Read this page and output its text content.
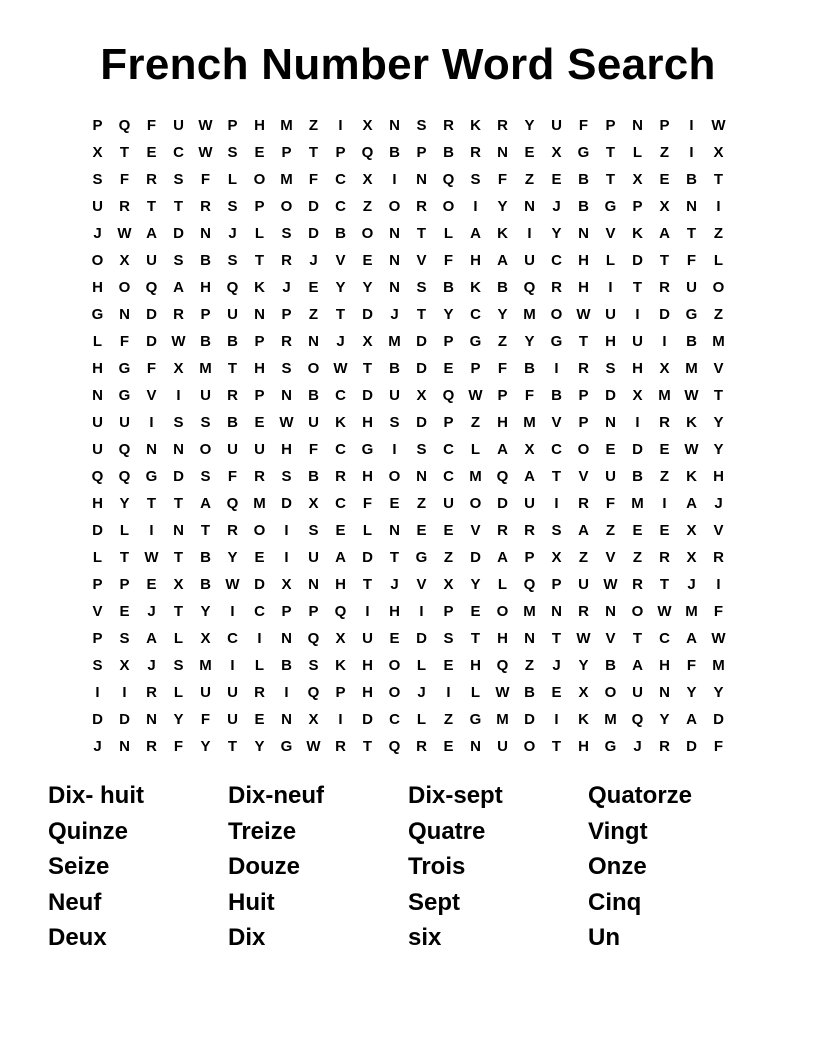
French Number Word Search
P	Q	F	U W P	H	M	Z	I	X	N	S	R	K	R	Y	U	F	P	N	P	I	W
X	T	E	C W S	E	P	T	P	Q	B	P	B	R	N	E	X	G	T	L	Z	I	X
S	F	R	S	F	L	O M	F	C	X	I	N	Q	S	F	Z	E	B	T	X	E	B	T
U	R	T	T	R	S	P	O	D	C	Z	O	R	O	I	Y	N	J	B	G	P	X	N	I
J	W A	D	N	J	L	S	D	B	O	N	T	L	A	K	I	Y	N	V	K	A	T	Z
O	X	U	S	B	S	T	R	J	V	E	N	V	F	H	A	U	C	H	L	D	T	F	L
H	O	Q	A	H	Q	K	J	E	Y	Y	N	S	B	K	B	Q	R	H	I	T	R	U	O
G	N	D	R	P	U	N	P	Z	T	D	J	T	Y	C	Y	M O W U	I	D	G	Z
L	F	D W B	B	P	R	N	J	X	M	D	P	G	Z	Y	G	T	H	U	I	B	M
H	G	F	X	M	T	H	S	O W	T	B	D	E	P	F	B	I	R	S	H	X	M	V
N	G	V	I	U	R	P	N	B	C	D	U	X	Q W P	F	B	P	D	X	M W	T
U	U	I	S	S	B	E W U	K	H	S	D	P	Z	H	M	V	P	N	I	R	K	Y
U	Q	N	N	O	U	U	H	F	C	G	I	S	C	L	A	X	C	O	E	D	E W Y
Q	Q	G	D	S	F	R	S	B	R	H	O	N	C	M Q	A	T	V	U	B	Z	K	H
H	Y	T	T	A	Q M	D	X	C	F	E	Z	U	O	D	U	I	R	F	M	I	A	J
D	L	I	N	T	R	O	I	S	E	L	N	E	E	V	R	R	S	A	Z	E	E	X	V
L	T	W	T	B	Y	E	I	U	A	D	T	G	Z	D	A	P	X	Z	V	Z	R	X	R
P	P	E	X	B W D	X	N	H	T	J	V	X	Y	L	Q	P	U W R	T	J	I
V	E	J	T	Y	I	C	P	P	Q	I	H	I	P	E	O M	N	R	N	O W M	F
P	S	A	L	X	C	I	N	Q	X	U	E	D	S	T	H	N	T	W V	T	C	A W
S	X	J	S	M	I	L	B	S	K	H	O	L	E	H	Q	Z	J	Y	B	A	H	F	M
I	I	R	L	U	U	R	I	Q	P	H	O	J	I	L	W B	E	X	O	U	N	Y	Y
D	D	N	Y	F	U	E	N	X	I	D	C	L	Z	G M	D	I	K	M Q	Y	A	D
J	N	R	F	Y	T	Y	G W R	T	Q	R	E	N	U	O	T	H	G	J	R	D	F
Dix- huit	Dix-neuf	Dix-sept	Quatorze
Quinze	Treize	Quatre	Vingt
Seize	Douze	Trois	Onze
Neuf	Huit	Sept	Cinq
Deux	Dix	six	Un
